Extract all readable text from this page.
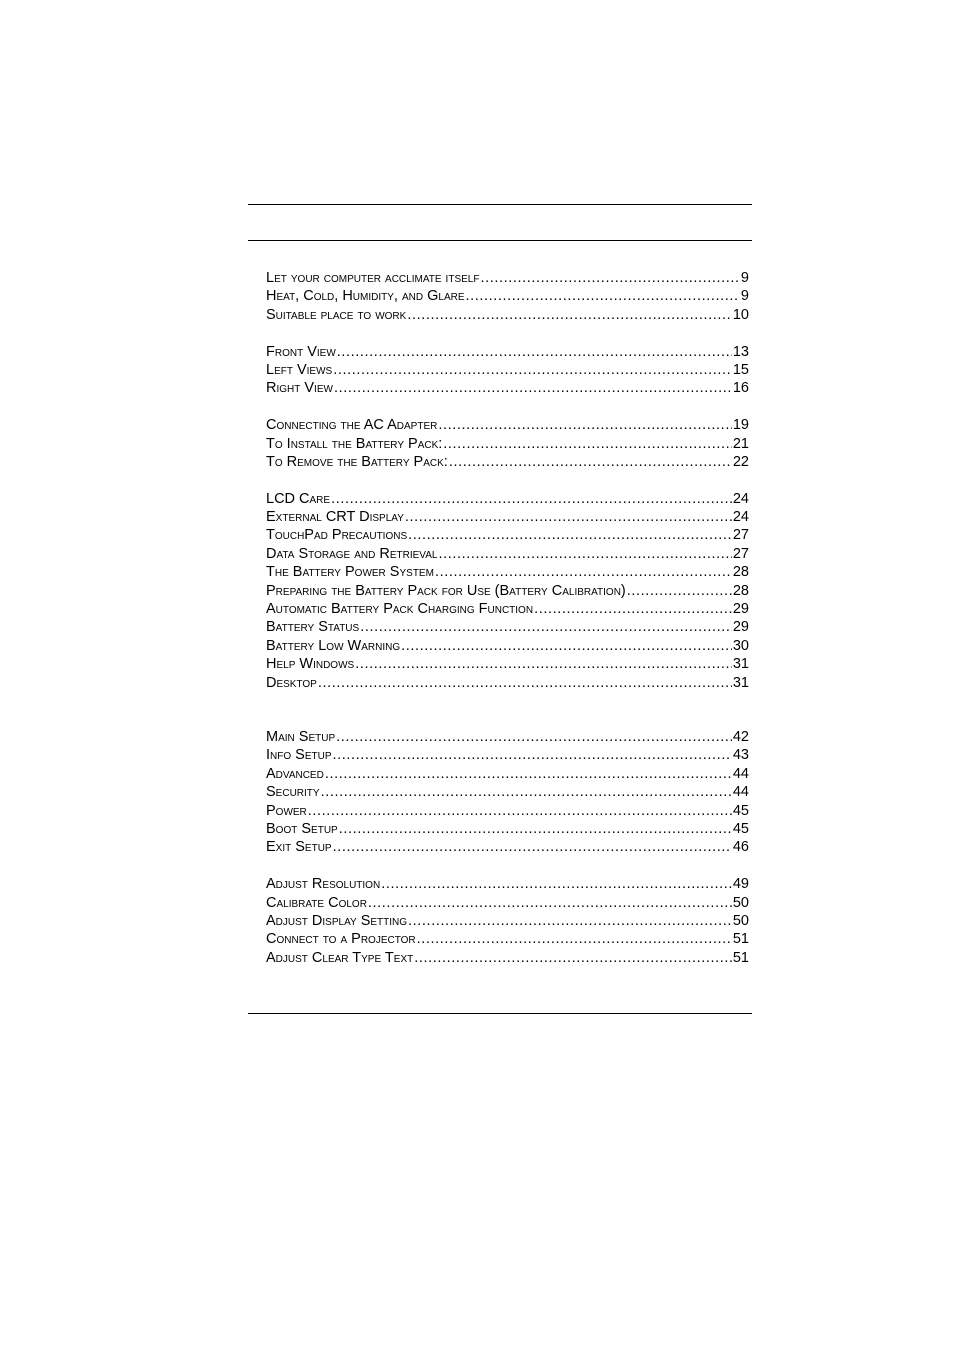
Let your computer acclimate itself .....	9
Heat, Cold, Humidity, and Glare .....	9
Suitable place to work .....	10
Front View .....	13
Left Views .....	15
Right View .....	16
Connecting the AC Adapter .....	19
To Install the Battery Pack: .....	21
To Remove the Battery Pack: .....	22
LCD Care .....	24
External CRT Display .....	24
TouchPad Precautions .....	27
Data Storage and Retrieval .....	27
The Battery Power System .....	28
Preparing the Battery Pack for Use (Battery Calibration) .....	28
Automatic Battery Pack Charging Function .....	29
Battery Status .....	29
Battery Low Warning .....	30
Help Windows .....	31
Desktop .....	31
Main Setup .....	42
Info Setup .....	43
Advanced .....	44
Security .....	44
Power .....	45
Boot Setup .....	45
Exit Setup .....	46
Adjust Resolution .....	49
Calibrate Color .....	50
Adjust Display Setting .....	50
Connect to a Projector .....	51
Adjust Clear Type Text .....	51
